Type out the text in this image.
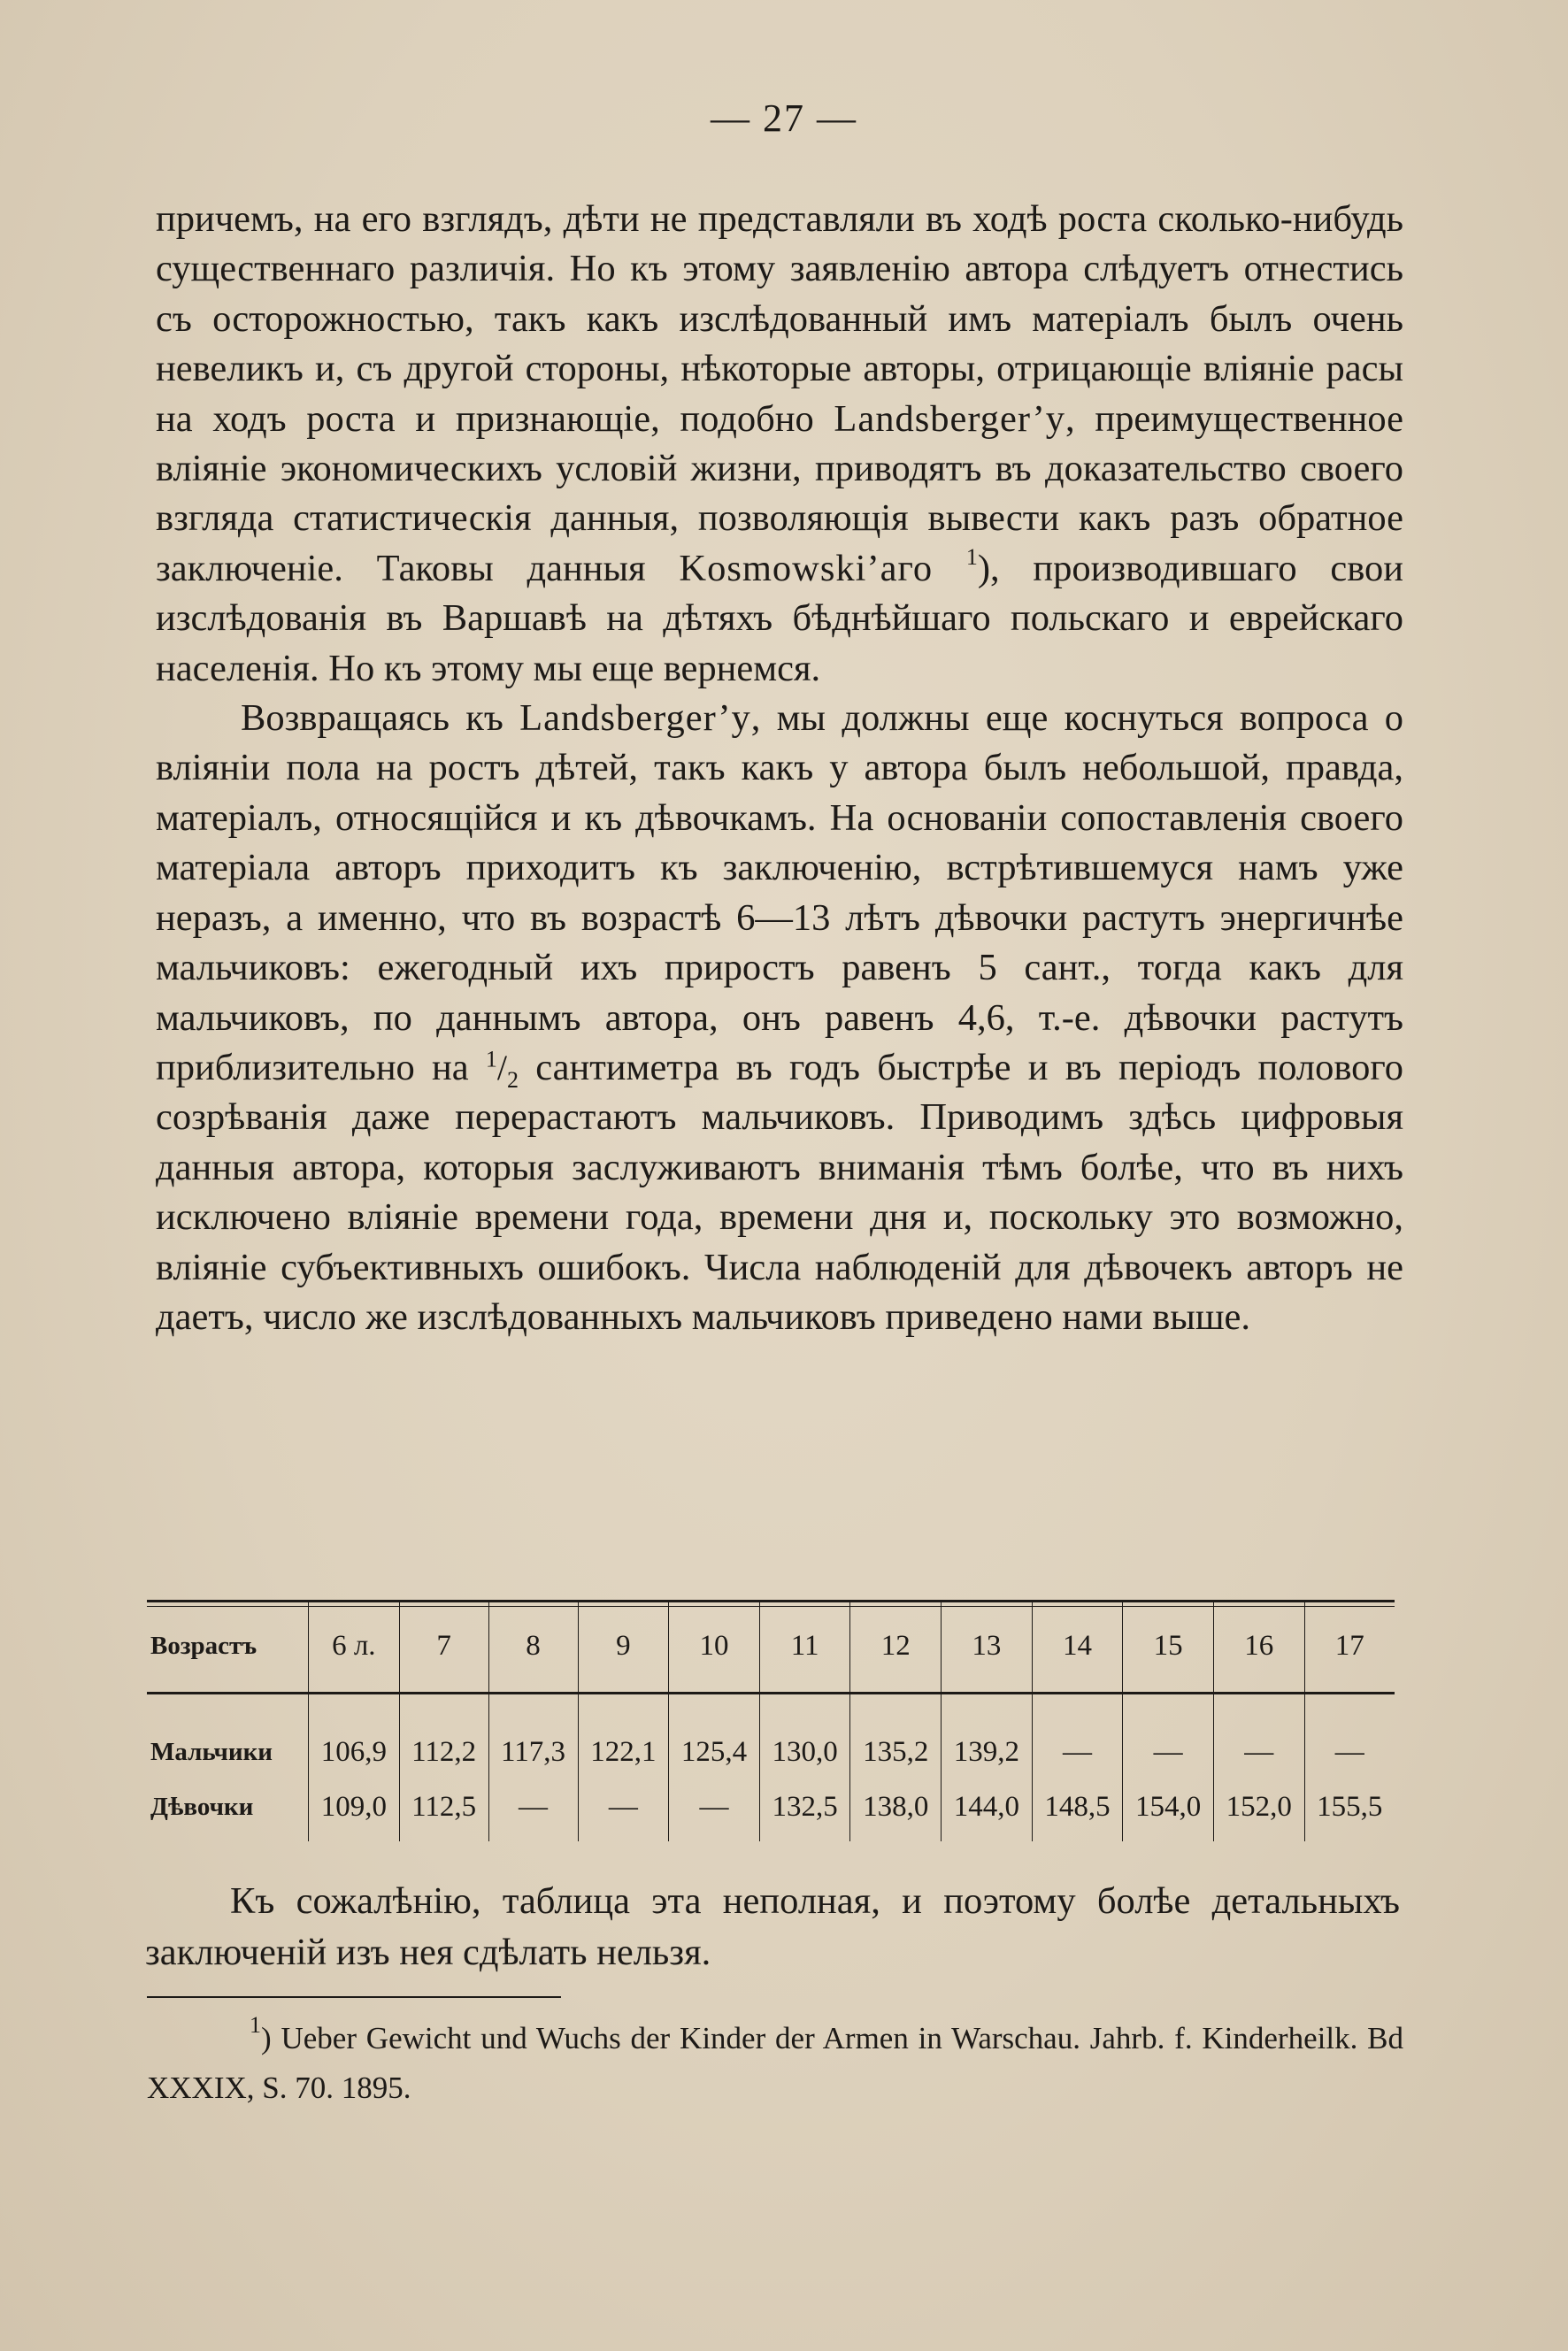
— 27 —

причемъ, на его взглядъ, дѣти не представляли въ ходѣ роста сколько-нибудь существеннаго различія. Но къ этому заявленію автора слѣдуетъ отнестись съ осторожностью, такъ какъ изслѣдованный имъ матеріалъ былъ очень невеликъ и, съ другой стороны, нѣкоторые авторы, отрицающіе вліяніе расы на ходъ роста и признающіе, подобно Landsberger’y, преимущественное вліяніе экономическихъ условій жизни, приводятъ въ доказательство своего взгляда статистическія данныя, позволяющія вывести какъ разъ обратное заключеніе. Таковы данныя Kosmowski’аго $^1$), производившаго свои изслѣдованія въ Варшавѣ на дѣтяхъ бѣднѣйшаго польскаго и еврейскаго населенія. Но къ этому мы еще вернемся.

Возвращаясь къ Landsberger’y, мы должны еще коснуться вопроса о вліяніи пола на ростъ дѣтей, такъ какъ у автора былъ небольшой, правда, матеріалъ, относящійся и къ дѣвочкамъ. На основаніи сопоставленія своего матеріала авторъ приходитъ къ заключенію, встрѣтившемуся намъ уже неразъ, а именно, что въ возрастѣ 6—13 лѣтъ дѣвочки растутъ энергичнѣе мальчиковъ: ежегодный ихъ приростъ равенъ 5 сант., тогда какъ для мальчиковъ, по даннымъ автора, онъ равенъ 4,6, т.-е. дѣвочки растутъ приблизительно на $^1/_2$ сантиметра въ годъ быстрѣе и въ періодъ полового созрѣванія даже перерастаютъ мальчиковъ. Приводимъ здѣсь цифровыя данныя автора, которыя заслуживаютъ вниманія тѣмъ болѣе, что въ нихъ исключено вліяніе времени года, времени дня и, поскольку это возможно, вліяніе субъективныхъ ошибокъ. Числа наблюденій для дѣвочекъ авторъ не даетъ, число же изслѣдованныхъ мальчиковъ приведено нами выше.

Возрастъ	6 л.	7	8	9	10	11	12	13	14	15	16	17
Мальчики	106,9	112,2	117,3	122,1	125,4	130,0	135,2	139,2	—	—	—	—
Дѣвочки	109,0	112,5	—	—	—	132,5	138,0	144,0	148,5	154,0	152,0	155,5

Къ сожалѣнію, таблица эта неполная, и поэтому болѣе детальныхъ заключеній изъ нея сдѣлать нельзя.

$^1$) Ueber Gewicht und Wuchs der Kinder der Armen in Warschau. Jahrb. f. Kinderheilk. Bd XXXIX, S. 70. 1895.
